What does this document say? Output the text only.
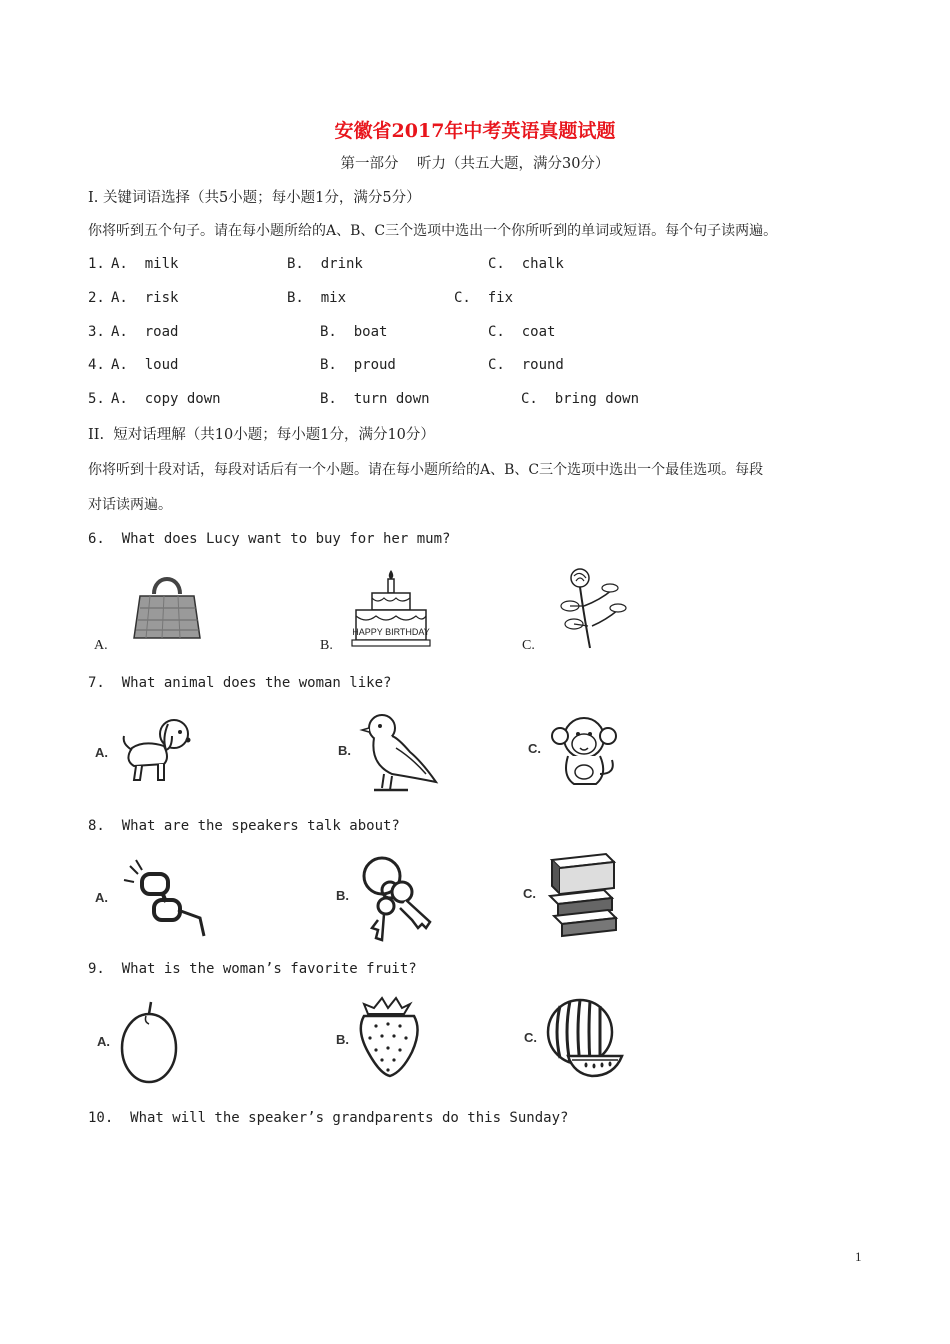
安徽省2017年中考英语真题试题
第一部分    听力（共五大题，满分30分）
I. 关键词语选择（共5小题；每小题1分，满分5分）
你将听到五个句子。请在每小题所给的A、B、C三个选项中选出一个你所听到的单词或短语。每个句子读两遍。
1. A.  milk	B.  drink	C.  chalk
2. A.  risk	B.  mix	C.  fix
3. A.  road	B.  boat	C.  coat
4. A.  loud	B.  proud	C.  round
5. A.  copy down	B.  turn down	C.  bring down
II.  短对话理解（共10小题；每小题1分，满分10分）
你将听到十段对话，每段对话后有一个小题。请在每小题所给的A、B、C三个选项中选出一个最佳选项。每段
对话读两遍。
6.  What does Lucy want to buy for her mum?
A.	B.	C.
HAPPY BIRTHDAY
7.  What animal does the woman like?
A.	B.	C.
8.  What are the speakers talk about?
A.	B.	C.
9.  What is the woman’s favorite fruit?
A.	B.	C.
10.  What will the speaker’s grandparents do this Sunday?
1
